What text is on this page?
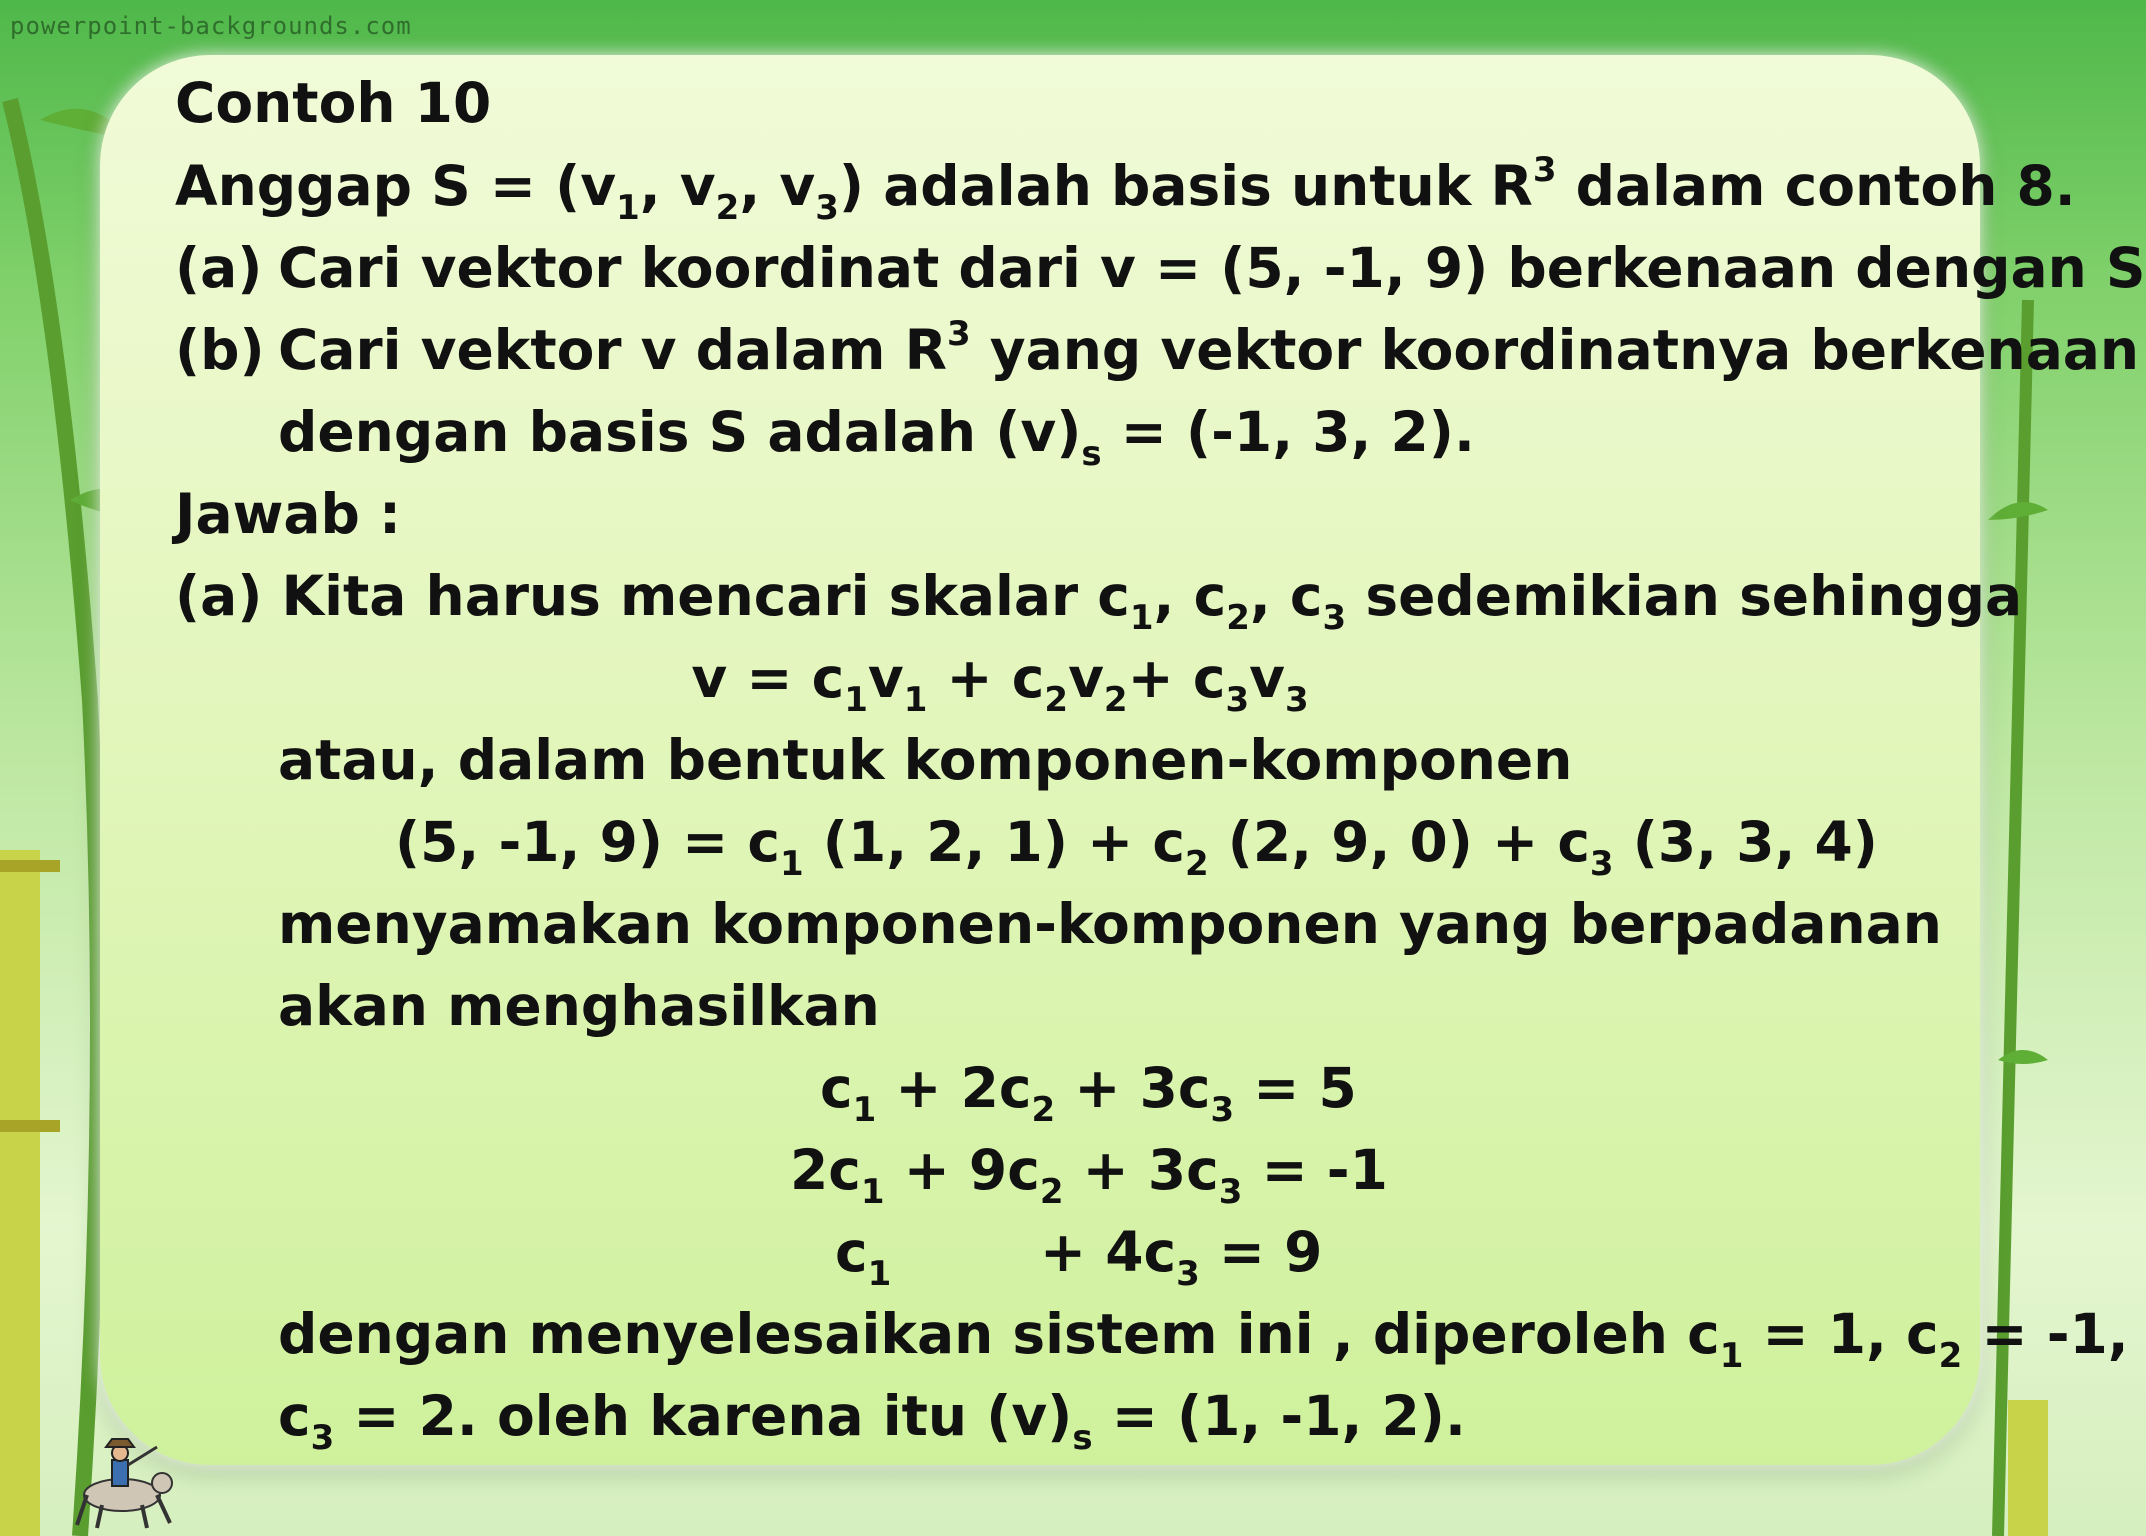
powerpoint-backgrounds.com
Contoh 10
Anggap $S = (v_1$, $v_2$, $v_3$) adalah basis untuk $R^3$ dalam contoh 8.
(a) Cari vektor koordinat dari v = (5, -1, 9) berkenaan dengan S
(b) Cari vektor v dalam $R^3$ yang vektor koordinatnya berkenaan
dengan basis S adalah $(v)_s = (-1$, 3, 2).
Jawab :
(a) Kita harus mencari skalar $c_1$, $c_2$, $c_3$ sedemikian sehingga
$v = c_1v_1 + c_2v_2+ c_3v_3$
atau, dalam bentuk komponen-komponen
(5, -1, $9) = c_1$ (1, 2, $1) + c_2$ (2, 9, $0) + c_3$ (3, 3, 4)
menyamakan komponen-komponen yang berpadanan
akan menghasilkan
$c_1 + 2c_2 + 3c_3 = 5$
$2c_1 + 9c_2 + 3c_3 = -1$
$c_1$	+ $4c_3 = 9$
dengan menyelesaikan sistem ini , diperoleh $c_1 = 1$, $c_2 = -1$,
$c_3 = 2$. oleh karena itu $(v)_s = (1$, -1, 2).
